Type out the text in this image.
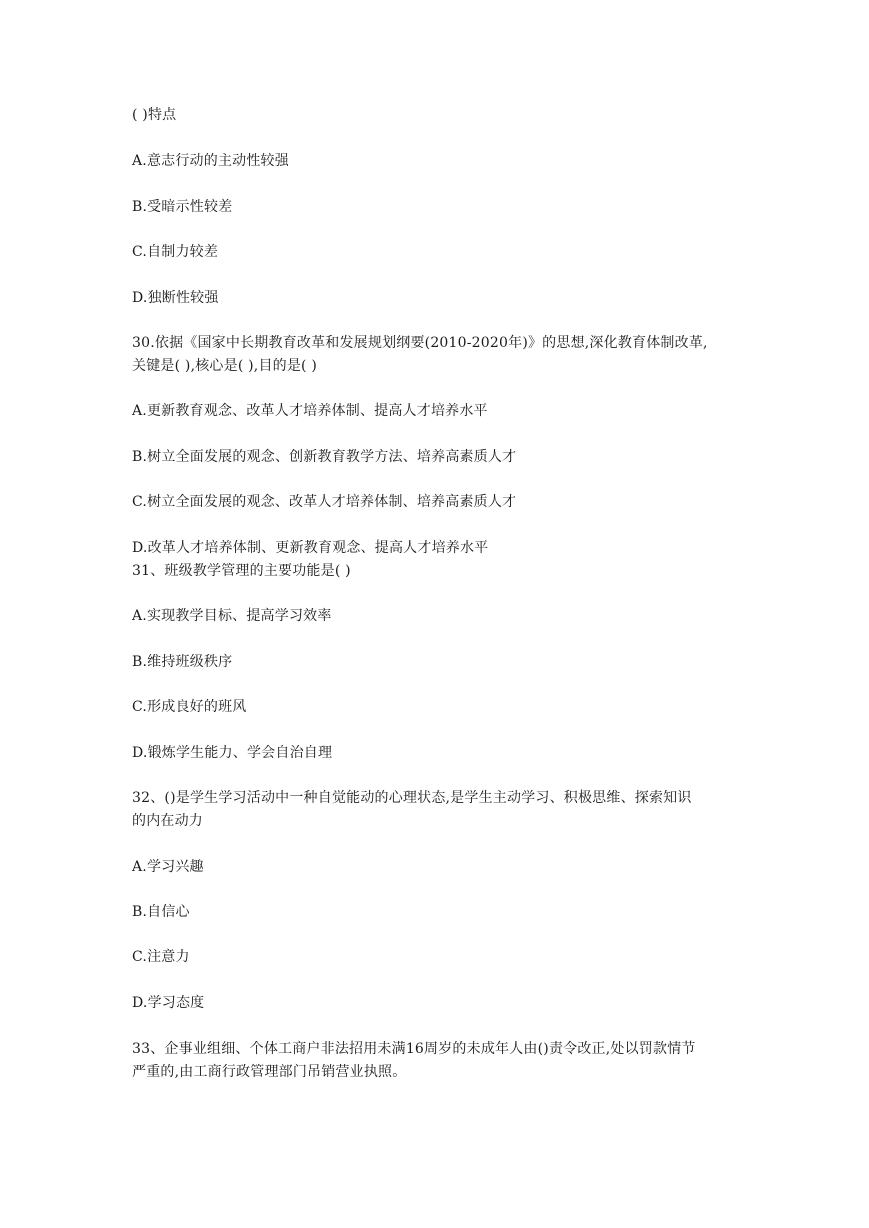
( )特点
A.意志行动的主动性较强
B.受暗示性较差
C.自制力较差
D.独断性较强
30.依据《国家中长期教育改革和发展规划纲要(2010-2020年)》的思想,深化教育体制改革,
关键是( ),核心是( ),目的是( )
A.更新教育观念、改革人才培养体制、提高人才培养水平
B.树立全面发展的观念、创新教育教学方法、培养高素质人才
C.树立全面发展的观念、改革人才培养体制、培养高素质人才
D.改革人才培养体制、更新教育观念、提高人才培养水平
31、班级教学管理的主要功能是( )
A.实现教学目标、提高学习效率
B.维持班级秩序
C.形成良好的班风
D.锻炼学生能力、学会自治自理
32、()是学生学习活动中一种自觉能动的心理状态,是学生主动学习、积极思维、探索知识
的内在动力
A.学习兴趣
B.自信心
C.注意力
D.学习态度
33、企事业组细、个体工商户非法招用未满16周岁的未成年人由()责令改正,处以罚款情节
严重的,由工商行政管理部门吊销营业执照。
